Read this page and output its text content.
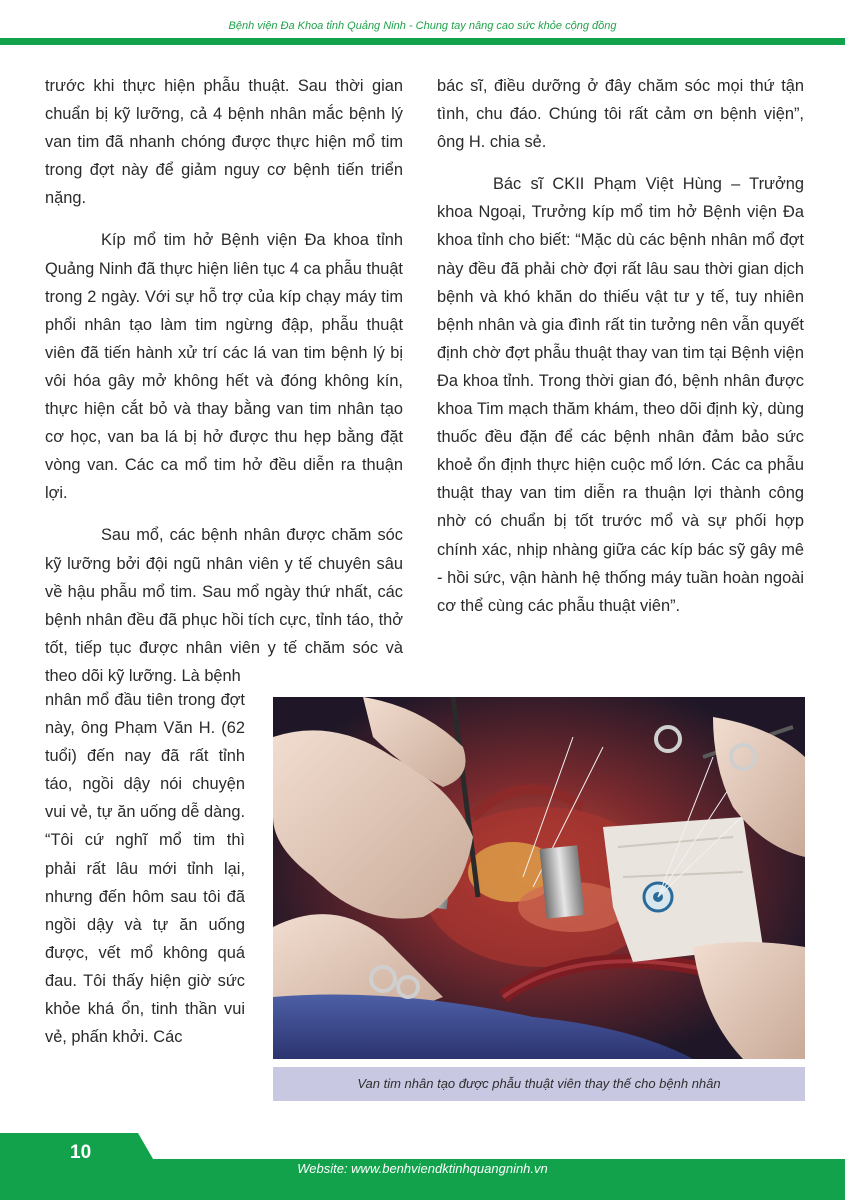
Bệnh viện Đa Khoa tỉnh Quảng Ninh - Chung tay nâng cao sức khỏe cộng đồng

trước khi thực hiện phẫu thuật. Sau thời gian chuẩn bị kỹ lưỡng, cả 4 bệnh nhân mắc bệnh lý van tim đã nhanh chóng được thực hiện mổ tim trong đợt này để giảm nguy cơ bệnh tiến triển nặng.

Kíp mổ tim hở Bệnh viện Đa khoa tỉnh Quảng Ninh đã thực hiện liên tục 4 ca phẫu thuật trong 2 ngày. Với sự hỗ trợ của kíp chạy máy tim phổi nhân tạo làm tim ngừng đập, phẫu thuật viên đã tiến hành xử trí các lá van tim bệnh lý bị vôi hóa gây mở không hết và đóng không kín, thực hiện cắt bỏ và thay bằng van tim nhân tạo cơ học, van ba lá bị hở được thu hẹp bằng đặt vòng van. Các ca mổ tim hở đều diễn ra thuận lợi.

Sau mổ, các bệnh nhân được chăm sóc kỹ lưỡng bởi đội ngũ nhân viên y tế chuyên sâu về hậu phẫu mổ tim. Sau mổ ngày thứ nhất, các bệnh nhân đều đã phục hồi tích cực, tỉnh táo, thở tốt, tiếp tục được nhân viên y tế chăm sóc và theo dõi kỹ lưỡng. Là bệnh

nhân mổ đầu tiên trong đợt này, ông Phạm Văn H. (62 tuổi) đến nay đã rất tỉnh táo, ngồi dậy nói chuyện vui vẻ, tự ăn uống dễ dàng. “Tôi cứ nghĩ mổ tim thì phải rất lâu mới tỉnh lại, nhưng đến hôm sau tôi đã ngồi dậy và tự ăn uống được, vết mổ không quá đau. Tôi thấy hiện giờ sức khỏe khá ổn, tinh thần vui vẻ, phấn khởi. Các

bác sĩ, điều dưỡng ở đây chăm sóc mọi thứ tận tình, chu đáo. Chúng tôi rất cảm ơn bệnh viện”, ông H. chia sẻ.

Bác sĩ CKII Phạm Việt Hùng – Trưởng khoa Ngoại, Trưởng kíp mổ tim hở Bệnh viện Đa khoa tỉnh cho biết: “Mặc dù các bệnh nhân mổ đợt này đều đã phải chờ đợi rất lâu sau thời gian dịch bệnh và khó khăn do thiếu vật tư y tế, tuy nhiên bệnh nhân và gia đình rất tin tưởng nên vẫn quyết định chờ đợt phẫu thuật thay van tim tại Bệnh viện Đa khoa tỉnh. Trong thời gian đó, bệnh nhân được khoa Tim mạch thăm khám, theo dõi định kỳ, dùng thuốc đều đặn để các bệnh nhân đảm bảo sức khoẻ ổn định thực hiện cuộc mổ lớn. Các ca phẫu thuật thay van tim diễn ra thuận lợi thành công nhờ có chuẩn bị tốt trước mổ và sự phối hợp chính xác, nhịp nhàng giữa các kíp bác sỹ gây mê - hồi sức, vận hành hệ thống máy tuần hoàn ngoài cơ thể cùng các phẫu thuật viên”.

Van tim nhân tạo được phẫu thuật viên thay thế cho bệnh nhân
10
Website: www.benhviendktinhquangninh.vn
